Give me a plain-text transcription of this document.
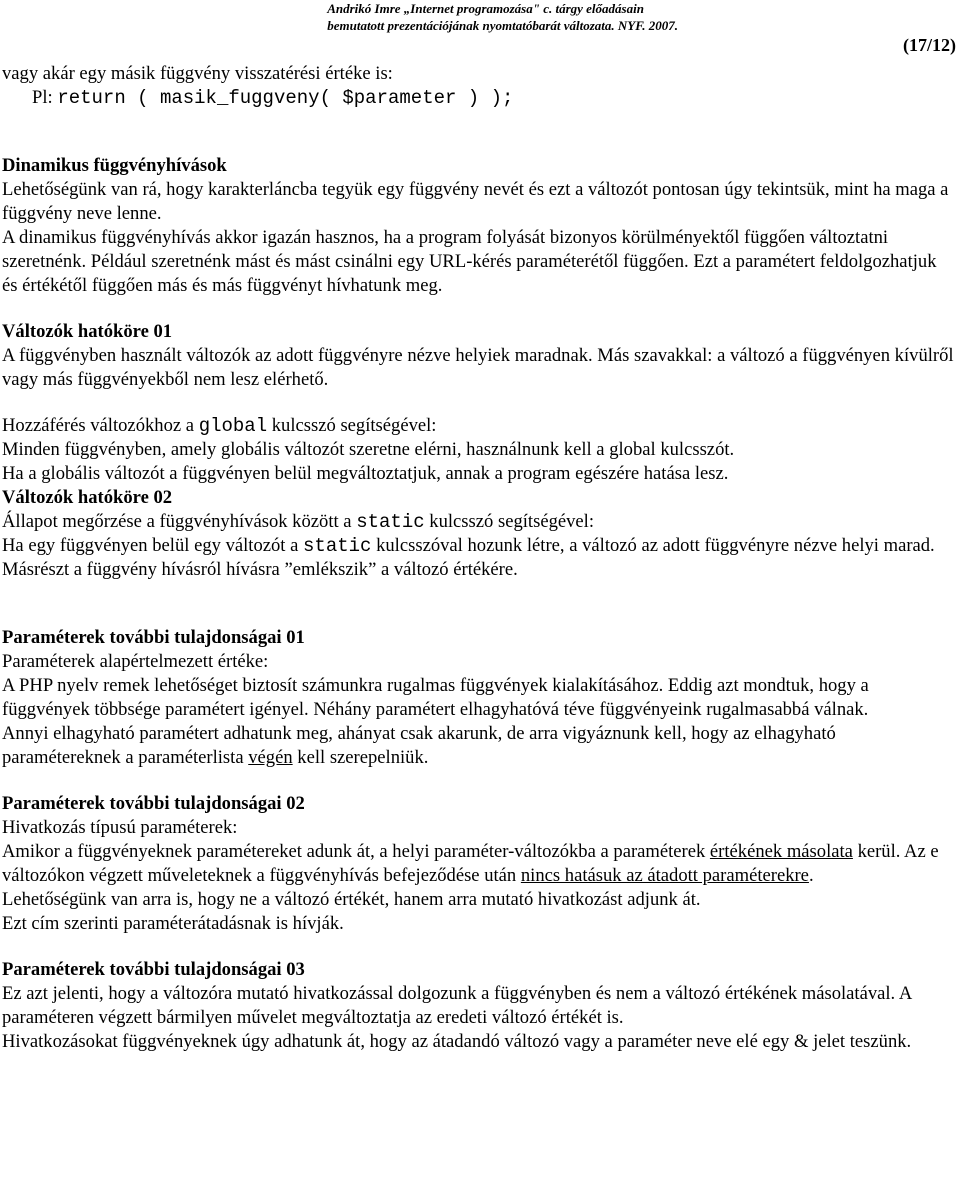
Andrikó Imre „Internet programozása" c. tárgy előadásain
bemutatott prezentációjának nyomtatóbarát változata. NYF. 2007.
(17/12)

vagy akár egy másik függvény visszatérési értéke is:

Pl: return ( masik_fuggveny( $parameter ) );

Dinamikus függvényhívások

Lehetőségünk van rá, hogy karakterláncba tegyük egy függvény nevét és ezt a változót pontosan úgy tekintsük, mint ha maga a függvény neve lenne.

A dinamikus függvényhívás akkor igazán hasznos, ha a program folyását bizonyos körülményektől függően változtatni szeretnénk. Például szeretnénk mást és mást csinálni egy URL-kérés paraméterétől függően. Ezt a paramétert feldolgozhatjuk és értékétől függően más és más függvényt hívhatunk meg.

Változók hatóköre 01

A függvényben használt változók az adott függvényre nézve helyiek maradnak. Más szavakkal: a változó a függvényen kívülről vagy más függvényekből nem lesz elérhető.

Hozzáférés változókhoz a global kulcsszó segítségével:

Minden függvényben, amely globális változót szeretne elérni, használnunk kell a global kulcsszót.

Ha a globális változót a függvényen belül megváltoztatjuk, annak a program egészére hatása lesz.

Változók hatóköre 02

Állapot megőrzése a függvényhívások között a static kulcsszó segítségével:

Ha egy függvényen belül egy változót a static kulcsszóval hozunk létre, a változó az adott függvényre nézve helyi marad. Másrészt a függvény hívásról hívásra ”emlékszik” a változó értékére.

Paraméterek további tulajdonságai 01

Paraméterek alapértelmezett értéke:

A PHP nyelv remek lehetőséget biztosít számunkra rugalmas függvények kialakításához. Eddig azt mondtuk, hogy a függvények többsége paramétert igényel. Néhány paramétert elhagyhatóvá téve függvényeink rugalmasabbá válnak.

Annyi elhagyható paramétert adhatunk meg, ahányat csak akarunk, de arra vigyáznunk kell, hogy az elhagyható paramétereknek a paraméterlista végén kell szerepelniük.

Paraméterek további tulajdonságai 02

Hivatkozás típusú paraméterek:

Amikor a függvényeknek paramétereket adunk át, a helyi paraméter-változókba a paraméterek értékének másolata kerül. Az e változókon végzett műveleteknek a függvényhívás befejeződése után nincs hatásuk az átadott paraméterekre.

Lehetőségünk van arra is, hogy ne a változó értékét, hanem arra mutató hivatkozást adjunk át.

Ezt cím szerinti paraméterátadásnak is hívják.

Paraméterek további tulajdonságai 03

Ez azt jelenti, hogy a változóra mutató hivatkozással dolgozunk a függvényben és nem a változó értékének másolatával. A paraméteren végzett bármilyen művelet megváltoztatja az eredeti változó értékét is.

Hivatkozásokat függvényeknek úgy adhatunk át, hogy az átadandó változó vagy a paraméter neve elé egy & jelet teszünk.
